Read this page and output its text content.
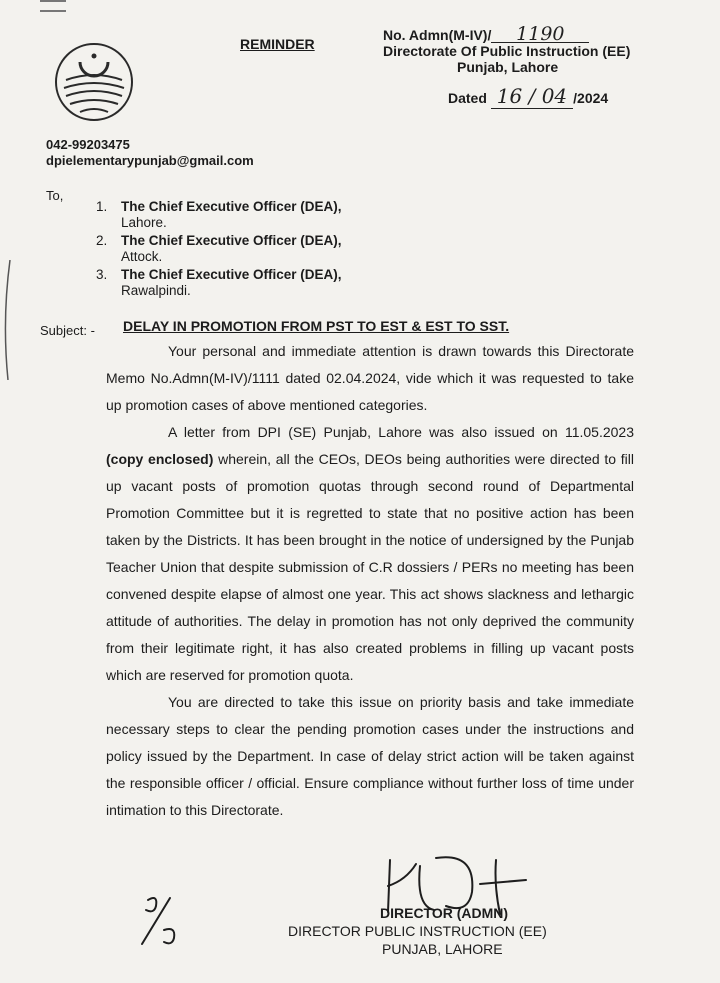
REMINDER
No. Admn(M-IV)/ 1190
Directorate Of Public Instruction (EE)
Punjab, Lahore
Dated 16 / 04 /2024
042-99203475
dpielementarypunjab@gmail.com
To,
1. The Chief Executive Officer (DEA),
Lahore.
2. The Chief Executive Officer (DEA),
Attock.
3. The Chief Executive Officer (DEA),
Rawalpindi.
Subject: - DELAY IN PROMOTION FROM PST TO EST & EST TO SST.

Your personal and immediate attention is drawn towards this Directorate Memo No.Admn(M-IV)/1111 dated 02.04.2024, vide which it was requested to take up promotion cases of above mentioned categories.

A letter from DPI (SE) Punjab, Lahore was also issued on 11.05.2023 (copy enclosed) wherein, all the CEOs, DEOs being authorities were directed to fill up vacant posts of promotion quotas through second round of Departmental Promotion Committee but it is regretted to state that no positive action has been taken by the Districts. It has been brought in the notice of undersigned by the Punjab Teacher Union that despite submission of C.R dossiers / PERs no meeting has been convened despite elapse of almost one year. This act shows slackness and lethargic attitude of authorities. The delay in promotion has not only deprived the community from their legitimate right, it has also created problems in filling up vacant posts which are reserved for promotion quota.

You are directed to take this issue on priority basis and take immediate necessary steps to clear the pending promotion cases under the instructions and policy issued by the Department. In case of delay strict action will be taken against the responsible officer / official. Ensure compliance without further loss of time under intimation to this Directorate.

DIRECTOR (ADMN)
DIRECTOR PUBLIC INSTRUCTION (EE)
PUNJAB, LAHORE
